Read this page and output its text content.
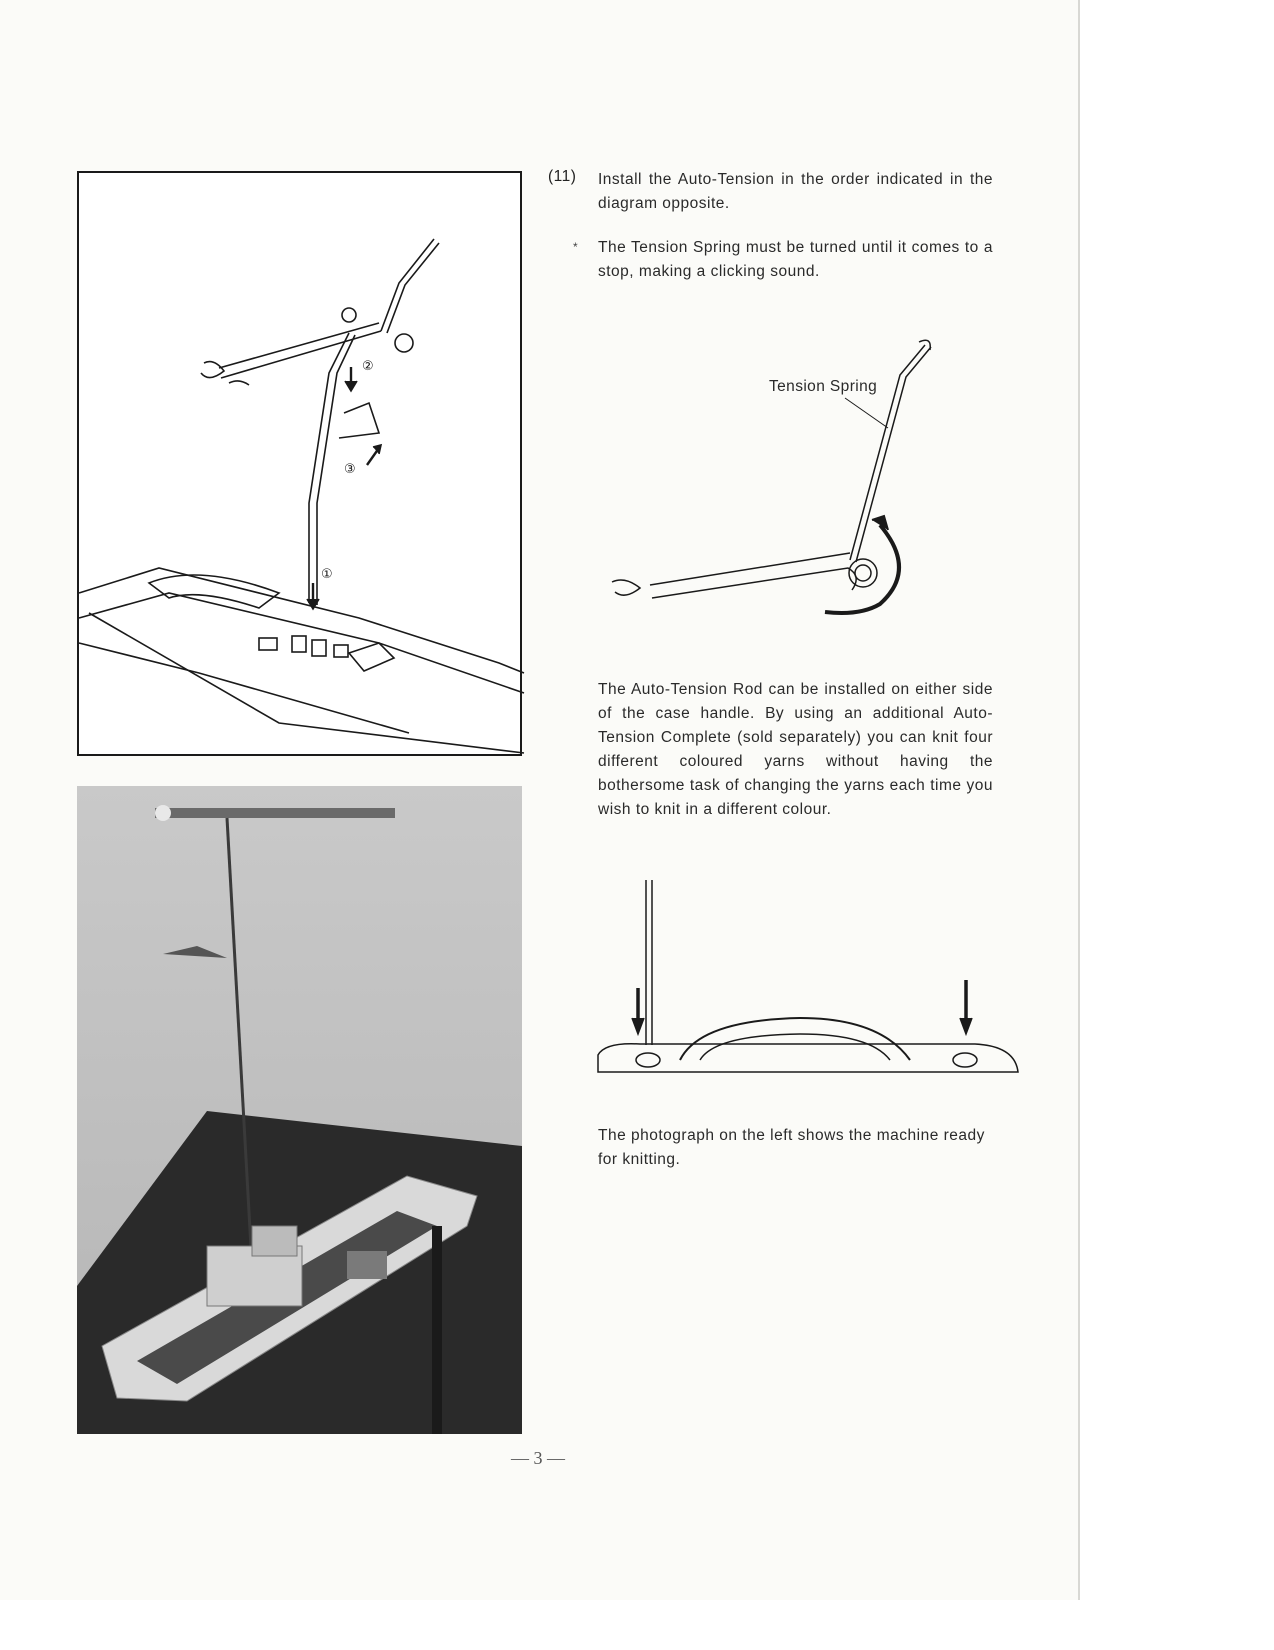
②
③
①
(11) Install the Auto-Tension in the order indicated in the diagram opposite.
* The Tension Spring must be turned until it comes to a stop, making a clicking sound.
Tension Spring
The Auto-Tension Rod can be installed on either side of the case handle. By using an additional Auto-Tension Complete (sold separately) you can knit four different coloured yarns without having the bothersome task of changing the yarns each time you wish to knit in a different colour.
The photograph on the left shows the machine ready for knitting.
— 3 —
